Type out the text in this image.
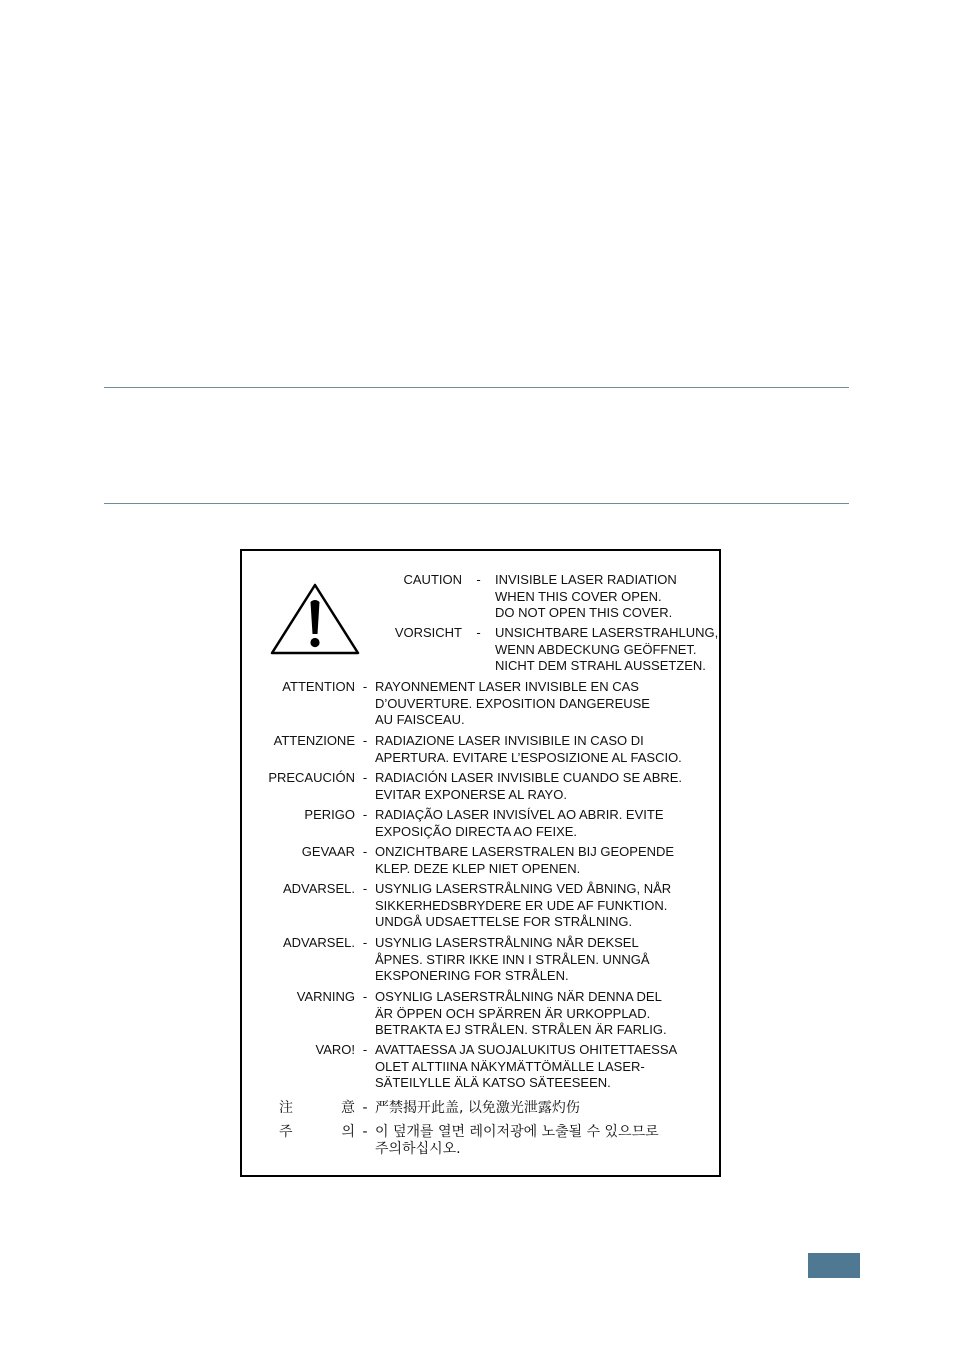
CAUTION	-	INVISIBLE LASER RADIATION
WHEN THIS COVER OPEN.
DO NOT OPEN THIS COVER.
VORSICHT	-	UNSICHTBARE LASERSTRAHLUNG,
WENN ABDECKUNG GEÖFFNET.
NICHT DEM STRAHL AUSSETZEN.
ATTENTION - RAYONNEMENT LASER INVISIBLE EN CAS
D’OUVERTURE. EXPOSITION DANGEREUSE
AU FAISCEAU.
ATTENZIONE - RADIAZIONE LASER INVISIBILE IN CASO DI
APERTURA. EVITARE L’ESPOSIZIONE AL FASCIO.
PRECAUCIÓN - RADIACIÓN LASER INVISIBLE CUANDO SE ABRE.
EVITAR EXPONERSE AL RAYO.
PERIGO - RADIAÇÃO LASER INVISÍVEL AO ABRIR. EVITE
EXPOSIÇÃO DIRECTA AO FEIXE.
GEVAAR - ONZICHTBARE LASERSTRALEN BIJ GEOPENDE
KLEP. DEZE KLEP NIET OPENEN.
ADVARSEL. - USYNLIG LASERSTRÅLNING VED ÅBNING, NÅR
SIKKERHEDSBRYDERE ER UDE AF FUNKTION.
UNDGÅ UDSAETTELSE FOR STRÅLNING.
ADVARSEL. - USYNLIG LASERSTRÅLNING NÅR DEKSEL
ÅPNES. STIRR IKKE INN I STRÅLEN. UNNGÅ
EKSPONERING FOR STRÅLEN.
VARNING - OSYNLIG LASERSTRÅLNING NÄR DENNA DEL
ÄR ÖPPEN OCH SPÄRREN ÄR URKOPPLAD.
BETRAKTA EJ STRÅLEN. STRÅLEN ÄR FARLIG.
VARO! - AVATTAESSA JA SUOJALUKITUS OHITETTAESSA
OLET ALTTIINA NÄKYMÄTTÖMÄLLE LASER-
SÄTEILYLLE ÄLÄ KATSO SÄTEESEEN.
注	意 - 严禁揭开此盖, 以免激光泄露灼伤
주	의 - 이 덮개를 열면 레이저광에 노출될 수 있으므로
주의하십시오.
